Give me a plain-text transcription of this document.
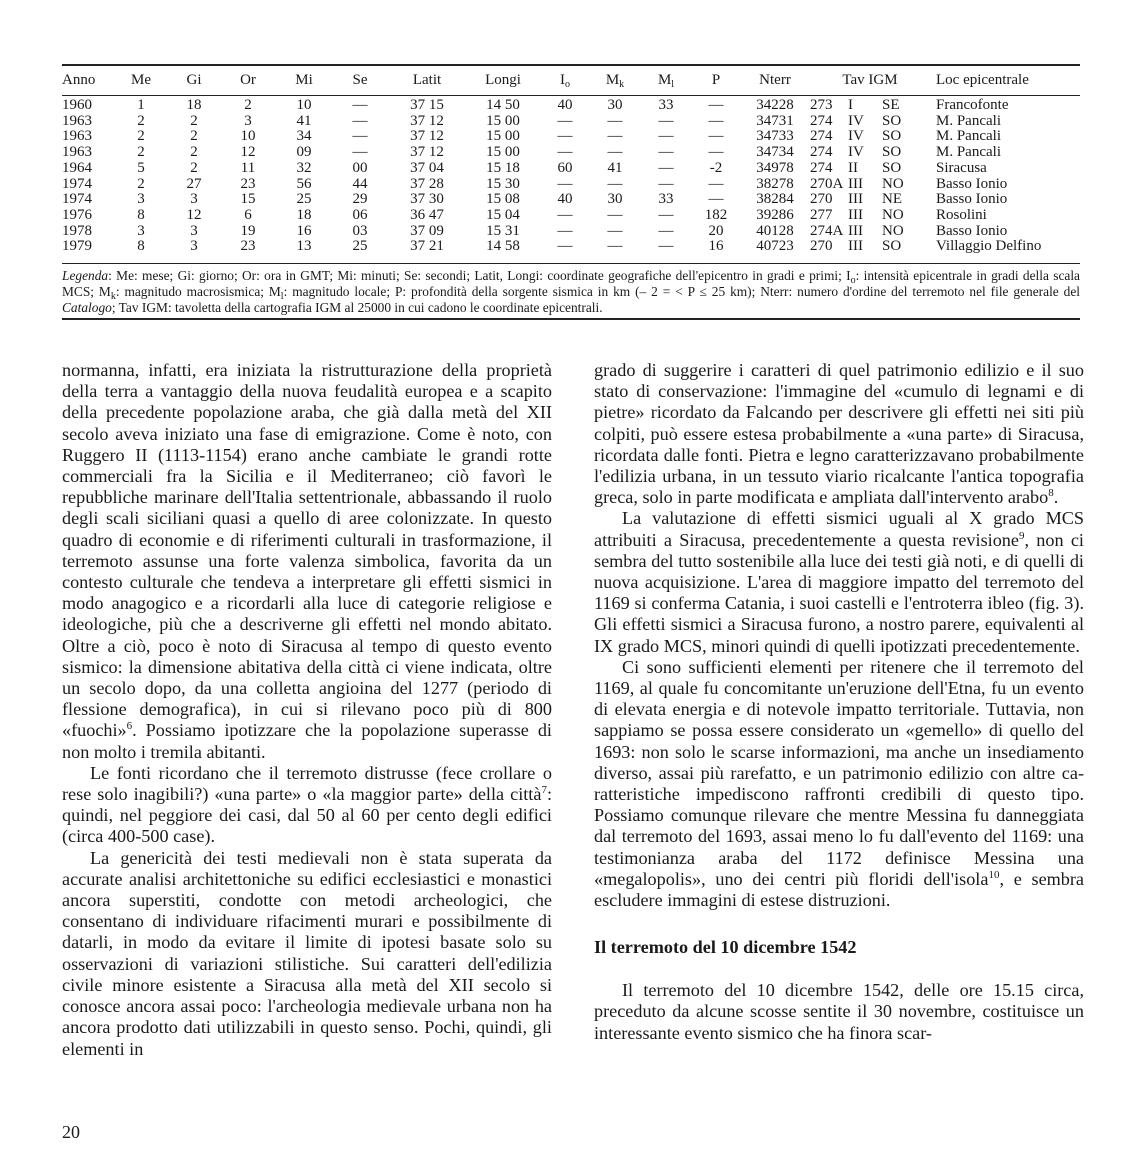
Anno	Me	Gi	Or	Mi	Se	Latit	Longi	$I_o$	$M_k$	$M_l$	P	Nterr	Tav IGM	Loc epicentrale
1960	1	18	2	10	—	37 15	14 50	40	30	33	—	34228	273 I SE	Francofonte
1963	2	2	3	41	—	37 12	15 00	—	—	—	—	34731	274 IV SO	M. Pancali
1963	2	2	10	34	—	37 12	15 00	—	—	—	—	34733	274 IV SO	M. Pancali
1963	2	2	12	09	—	37 12	15 00	—	—	—	—	34734	274 IV SO	M. Pancali
1964	5	2	11	32	00	37 04	15 18	60	41	—	-2	34978	274 II SO	Siracusa
1974	2	27	23	56	44	37 28	15 30	—	—	—	—	38278	270A III NO	Basso Ionio
1974	3	3	15	25	29	37 30	15 08	40	30	33	—	38284	270 III NE	Basso Ionio
1976	8	12	6	18	06	36 47	15 04	—	—	—	182	39286	277 III NO	Rosolini
1978	3	3	19	16	03	37 09	15 31	—	—	—	20	40128	274A III NO	Basso Ionio
1979	8	3	23	13	25	37 21	14 58	—	—	—	16	40723	270 III SO	Villaggio Delfino
Legenda: Me: mese; Gi: giorno; Or: ora in GMT; Mi: minuti; Se: secondi; Latit, Longi: coordinate geografiche dell'epicentro in gradi e primi; $I_o$: intensità epicentrale in gradi della scala MCS; $M_k$: magnitudo macrosismica; $M_l$: magnitudo locale; P: profondità della sorgente sismica in km (– 2 = < P ≤ 25 km); Nterr: numero d'ordine del terremoto nel file generale del Catalogo; Tav IGM: tavoletta della cartografia IGM al 25000 in cui cadono le coordinate epicentrali.

normanna, infatti, era iniziata la ristrutturazione della proprietà della terra a vantaggio della nuova feudalità europea e a scapito della precedente popolazione araba, che già dalla metà del XII secolo aveva iniziato una fase di emigrazione. Come è noto, con Ruggero II (1113-1154) erano anche cambiate le grandi rotte commerciali fra la Sicilia e il Mediterraneo; ciò favorì le repubbliche marinare dell'Italia settentrionale, abbassando il ruolo degli scali siciliani quasi a quello di aree colonizzate. In questo quadro di economie e di riferimenti culturali in trasformazione, il terremoto assunse una forte valenza simbolica, favorita da un contesto culturale che tendeva a interpretare gli effetti sismici in modo anagogico e a ricordarli alla luce di categorie religiose e ideologiche, più che a descriverne gli effetti nel mondo abitato. Oltre a ciò, poco è noto di Siracusa al tempo di questo evento sismico: la dimensione abitativa della città ci viene indicata, oltre un secolo dopo, da una colletta angioina del 1277 (periodo di flessione demografica), in cui si rilevano poco più di 800 «fuochi»$^6$. Possiamo ipotizzare che la popolazione superasse di non molto i tremila abitanti.

Le fonti ricordano che il terremoto distrusse (fece crollare o rese solo inagibili?) «una parte» o «la maggior parte» della città$^7$: quindi, nel peggiore dei casi, dal 50 al 60 per cento degli edifici (circa 400-500 case).

La genericità dei testi medievali non è stata superata da accurate analisi architettoniche su edifici ecclesiastici e monastici ancora superstiti, condotte con metodi archeologici, che consentano di individuare rifacimenti murari e possibilmente di datarli, in modo da evitare il limite di ipotesi basate solo su osservazioni di variazioni stilistiche. Sui caratteri dell'edilizia civile minore esistente a Siracusa alla metà del XII secolo si conosce ancora assai poco: l'archeologia medievale urbana non ha ancora prodotto dati utilizzabili in questo senso. Pochi, quindi, gli elementi in

grado di suggerire i caratteri di quel patrimonio edilizio e il suo stato di conservazione: l'immagine del «cumulo di legnami e di pietre» ricordato da Falcando per descrivere gli effetti nei siti più colpiti, può essere estesa probabilmente a «una parte» di Siracusa, ricordata dalle fonti. Pietra e legno caratterizzavano probabilmente l'edilizia urbana, in un tessuto viario ricalcante l'antica topografia greca, solo in parte modificata e ampliata dall'intervento arabo$^8$.

La valutazione di effetti sismici uguali al X grado MCS attribuiti a Siracusa, precedentemente a questa revisione$^9$, non ci sembra del tutto sostenibile alla luce dei testi già noti, e di quelli di nuova acquisizione. L'area di maggiore impatto del terremoto del 1169 si conferma Catania, i suoi castelli e l'entroterra ibleo (fig. 3). Gli effetti sismici a Siracusa furono, a nostro parere, equivalenti al IX grado MCS, minori quindi di quelli ipotizzati precedentemente.

Ci sono sufficienti elementi per ritenere che il terremoto del 1169, al quale fu concomitante un'eruzione dell'Etna, fu un evento di elevata energia e di notevole impatto territoriale. Tuttavia, non sappiamo se possa essere considerato un «gemello» di quello del 1693: non solo le scarse informazioni, ma anche un insediamento diverso, assai più rarefatto, e un patrimonio edilizio con altre caratteristiche impediscono raffronti credibili di questo tipo. Possiamo comunque rilevare che mentre Messina fu danneggiata dal terremoto del 1693, assai meno lo fu dall'evento del 1169: una testimonianza araba del 1172 definisce Messina una «megalopolis», uno dei centri più floridi dell'isola$^{10}$, e sembra escludere immagini di estese distruzioni.

Il terremoto del 10 dicembre 1542

Il terremoto del 10 dicembre 1542, delle ore 15.15 circa, preceduto da alcune scosse sentite il 30 novembre, costituisce un interessante evento sismico che ha finora scar-

20
